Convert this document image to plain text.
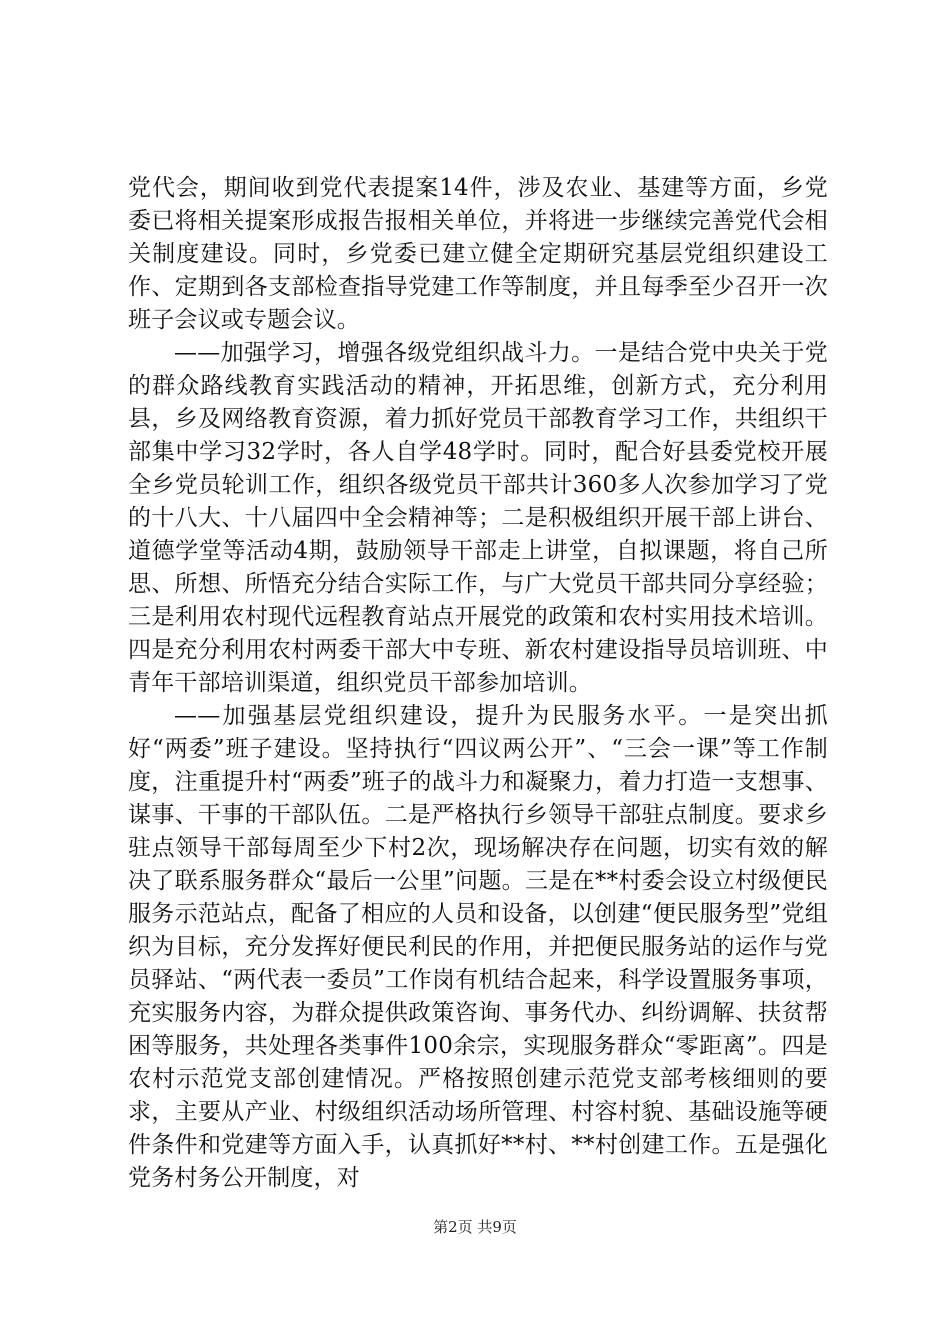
党代会，期间收到党代表提案14件，涉及农业、基建等方面，乡党委已将相关提案形成报告报相关单位，并将进一步继续完善党代会相关制度建设。同时，乡党委已建立健全定期研究基层党组织建设工作、定期到各支部检查指导党建工作等制度，并且每季至少召开一次班子会议或专题会议。

——加强学习，增强各级党组织战斗力。一是结合党中央关于党的群众路线教育实践活动的精神，开拓思维，创新方式，充分利用县，乡及网络教育资源，着力抓好党员干部教育学习工作，共组织干部集中学习32学时，各人自学48学时。同时，配合好县委党校开展全乡党员轮训工作，组织各级党员干部共计360多人次参加学习了党的十八大、十八届四中全会精神等；二是积极组织开展干部上讲台、道德学堂等活动4期，鼓励领导干部走上讲堂，自拟课题，将自己所思、所想、所悟充分结合实际工作，与广大党员干部共同分享经验；三是利用农村现代远程教育站点开展党的政策和农村实用技术培训。四是充分利用农村两委干部大中专班、新农村建设指导员培训班、中青年干部培训渠道，组织党员干部参加培训。

——加强基层党组织建设，提升为民服务水平。一是突出抓好“两委”班子建设。坚持执行“四议两公开”、“三会一课”等工作制度，注重提升村“两委”班子的战斗力和凝聚力，着力打造一支想事、谋事、干事的干部队伍。二是严格执行乡领导干部驻点制度。要求乡驻点领导干部每周至少下村2次，现场解决存在问题，切实有效的解决了联系服务群众“最后一公里”问题。三是在**村委会设立村级便民服务示范站点，配备了相应的人员和设备，以创建“便民服务型”党组织为目标，充分发挥好便民利民的作用，并把便民服务站的运作与党员驿站、“两代表一委员”工作岗有机结合起来，科学设置服务事项，充实服务内容，为群众提供政策咨询、事务代办、纠纷调解、扶贫帮困等服务，共处理各类事件100余宗，实现服务群众“零距离”。四是农村示范党支部创建情况。严格按照创建示范党支部考核细则的要求，主要从产业、村级组织活动场所管理、村容村貌、基础设施等硬件条件和党建等方面入手，认真抓好**村、**村创建工作。五是强化党务村务公开制度，对

第2页 共9页
